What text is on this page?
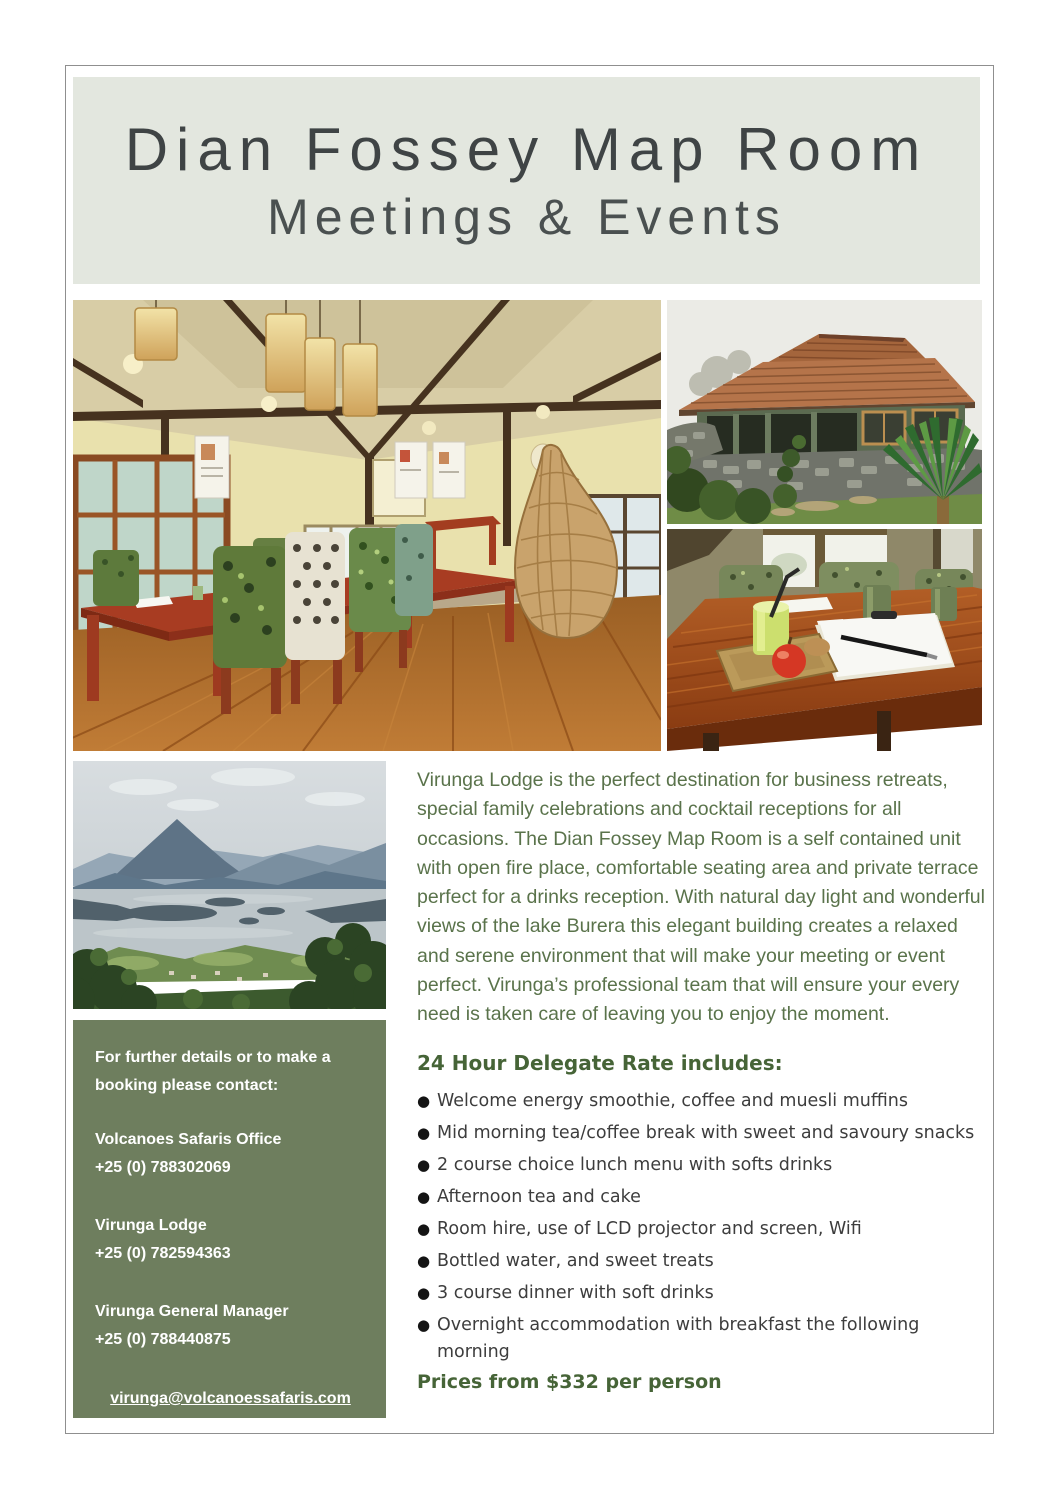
Dian Fossey Map Room
Meetings & Events

For further details or to make a booking please contact:

Volcanoes Safaris Office
+25 (0) 788302069

Virunga Lodge
+25 (0) 782594363

Virunga General Manager
+25 (0) 788440875

virunga@volcanoessafaris.com
www.volcanoessafaris.com

Virunga Lodge is the perfect destination for business retreats, special family celebrations and cocktail receptions for all occasions. The Dian Fossey Map Room is a self contained unit with open fire place, comfortable seating area and private terrace perfect for a drinks reception. With natural day light and wonderful views of the lake Burera this elegant building creates a relaxed and serene environment that will make your meeting or event perfect. Virunga’s professional team that will ensure your every need is taken care of leaving you to enjoy the moment.

24 Hour Delegate Rate includes:
● Welcome energy smoothie, coffee and muesli muffins
● Mid morning tea/coffee break with sweet and savoury snacks
● 2 course choice lunch menu with softs drinks
● Afternoon tea and cake
● Room hire, use of LCD projector and screen, Wifi
● Bottled water, and sweet treats
● 3 course dinner with soft drinks
● Overnight accommodation with breakfast the following morning

Prices from $332 per person
